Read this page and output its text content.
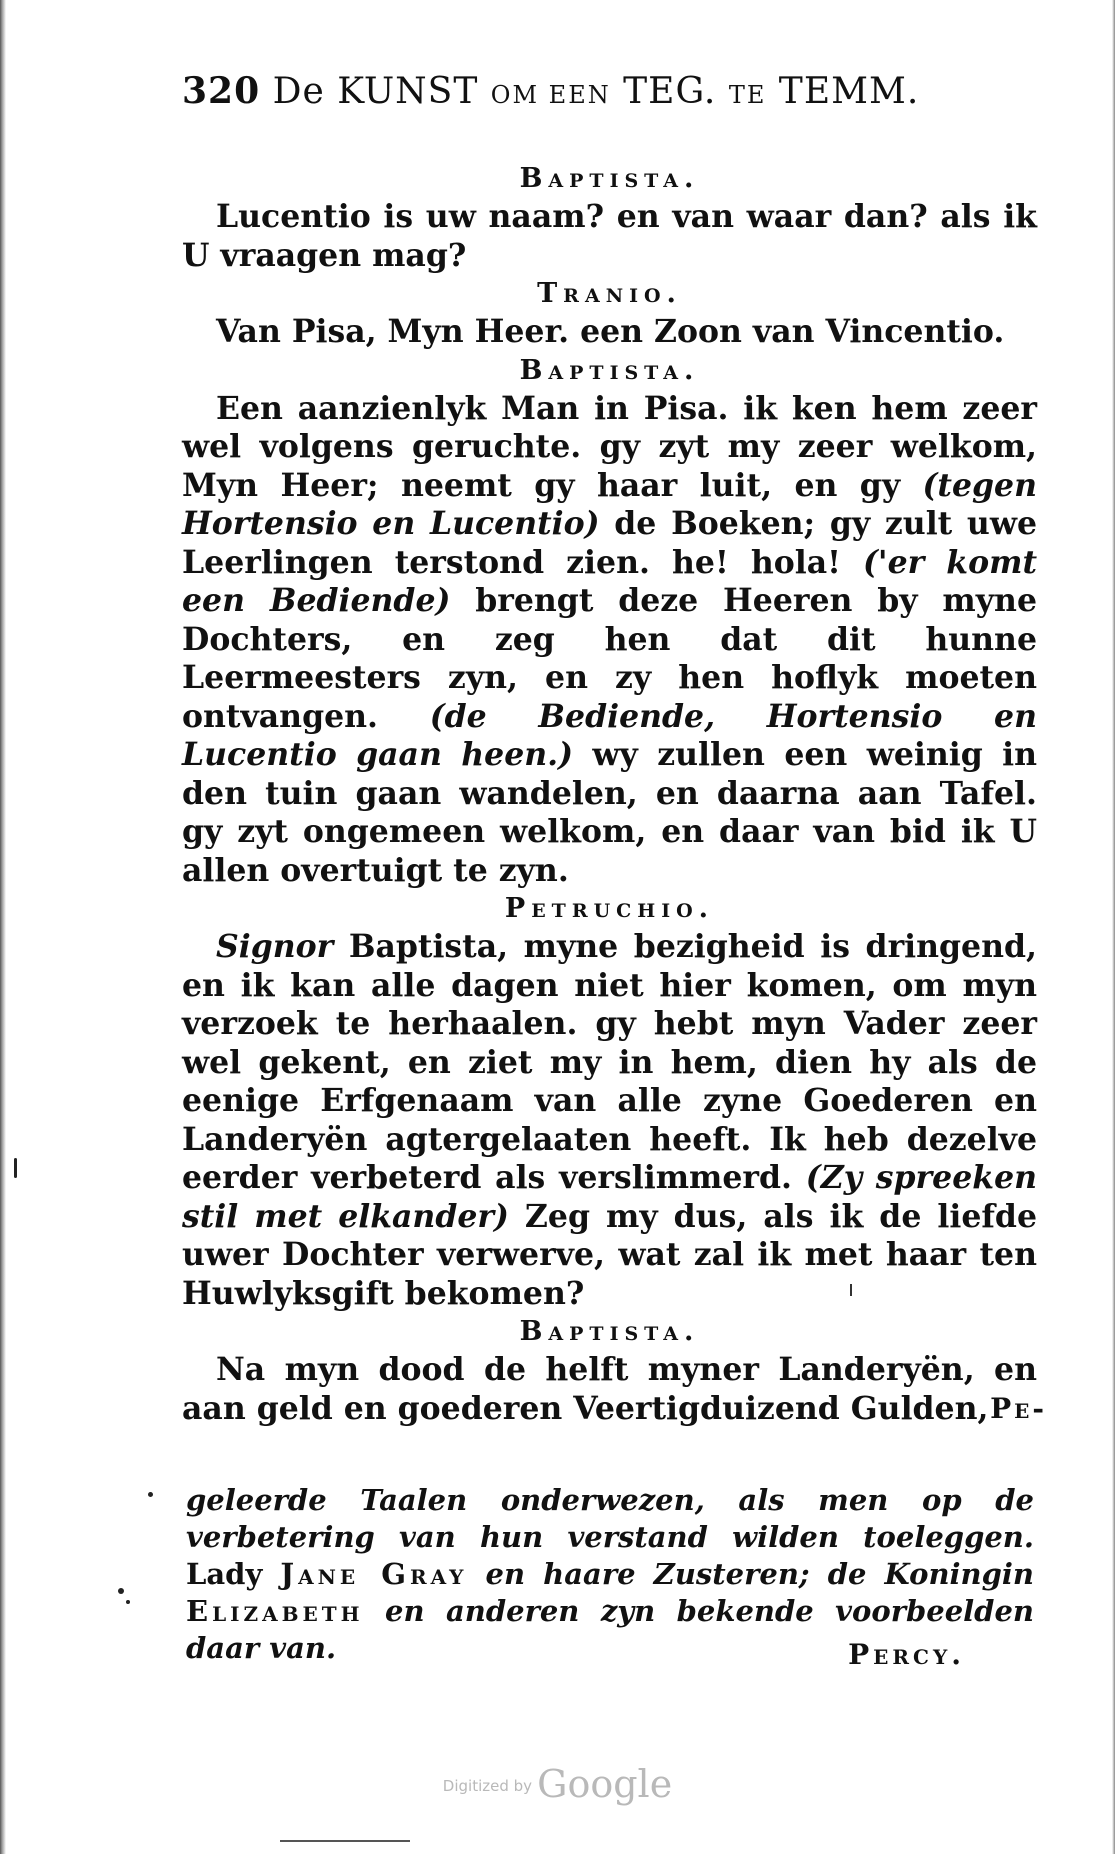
320 De KUNST OM EEN TEG. TE TEMM.

Baptista.

Lucentio is uw naam? en van waar dan? als ik U vraagen mag?

Tranio.

Van Pisa, Myn Heer. een Zoon van Vincentio.

Baptista.

Een aanzienlyk Man in Pisa. ik ken hem zeer wel volgens geruchte. gy zyt my zeer welkom, Myn Heer; neemt gy haar luit, en gy (tegen Hortensio en Lucentio) de Boeken; gy zult uwe Leerlingen terstond zien. he! hola! ('er komt een Bediende) brengt deze Heeren by myne Dochters, en zeg hen dat dit hunne Leermeesters zyn, en zy hen hoflyk moeten ontvangen. (de Bediende, Hortensio en Lucentio gaan heen.) wy zullen een weinig in den tuin gaan wandelen, en daarna aan Tafel. gy zyt ongemeen welkom, en daar van bid ik U allen overtuigt te zyn.

Petruchio.

Signor Baptista, myne bezigheid is dringend, en ik kan alle dagen niet hier komen, om myn verzoek te herhaalen. gy hebt myn Vader zeer wel gekent, en ziet my in hem, dien hy als de eenige Erfgenaam van alle zyne Goederen en Landeryën agtergelaaten heeft. Ik heb dezelve eerder verbeterd als verslimmerd. (Zy spreeken stil met elkander) Zeg my dus, als ik de liefde uwer Dochter verwerve, wat zal ik met haar ten Huwlyksgift bekomen?

Baptista.

Na myn dood de helft myner Landeryën, en aan geld en goederen Veertigduizend Gulden, Pe-
geleerde Taalen onderwezen, als men op de verbetering van hun verstand wilden toeleggen. Lady Jane Gray en haare Zusteren; de Koningin Elizabeth en anderen zyn bekende voorbeelden daar van.	Percy.
Digitized by Google
